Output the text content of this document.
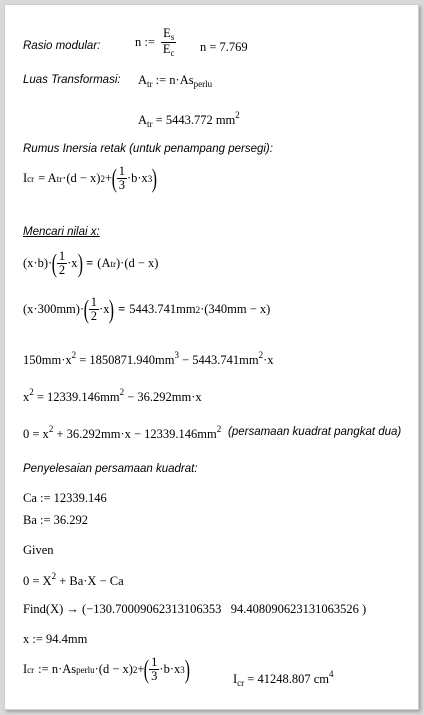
Rasio modular:	n := $\frac{E_s}{E_c}$ n = 7.769
Luas Transformasi: $A_{tr}$ := $n\cdot As_{perlu}$
$A_{tr} = 5443.772$ $mm^2$
Rumus Inersia retak (untuk penampang persegi):
I cr = A tr ·(d − x) 2 + ( $\frac{1}{3} \cdot b\cdot x$ 3 )
Mencari nilai x:
(x·b)· ( $\frac{1}{2} \cdot x$ ) = (A tr )·(d − x)
(x·300mm)· ( $\frac{1}{2} \cdot x$ ) = 5443.741mm 2 ·(340mm − x)
$150mm\cdot x^2 = 1850871.940mm^3 - 5443.741mm^2\cdot x$
$x^2 = 12339.146mm^2 - 36.292mm\cdot x$
$0 = x^2 + 36.292mm\cdot x - 12339.146mm^2$ (persamaan kuadrat pangkat dua)
Penyelesaian persamaan kuadrat:
Ca := 12339.146
Ba := 36.292
Given
$0 = X^2 + Ba\cdot X - Ca$
Find(X) → (−130.70009062313106353   94.408090623131063526 )
x := 94.4mm
I cr := n·As perlu ·(d − x) 2 + ( $\frac{1}{3} \cdot b\cdot x$ 3 )	$I_{cr} = 41248.807$ $cm^4$
